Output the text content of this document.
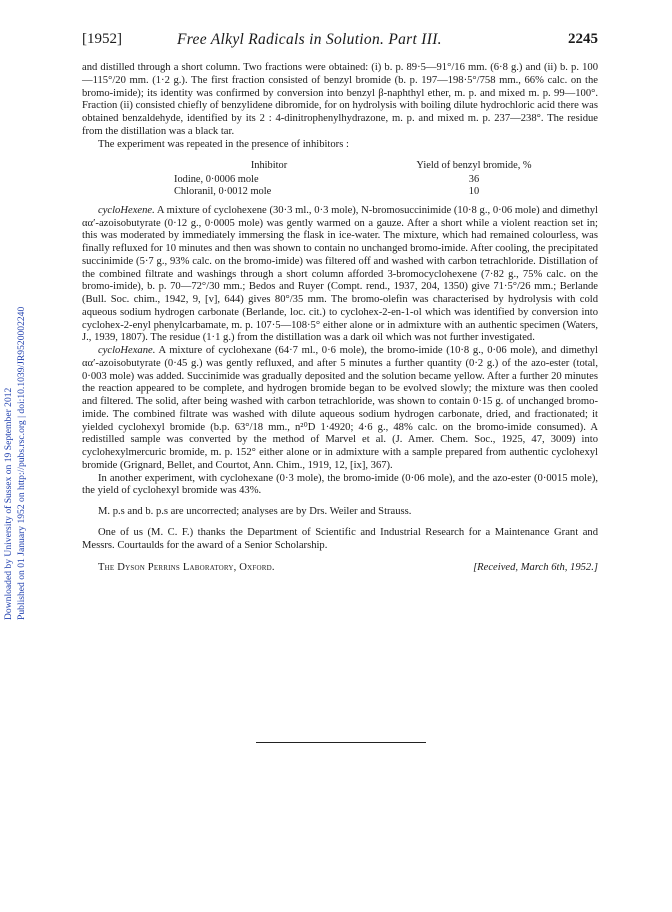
Downloaded by University of Sussex on 19 September 2012 Published on 01 January 1952 on http://pubs.rsc.org | doi:10.1039/JR9520002240
[1952]	Free Alkyl Radicals in Solution. Part III.	2245

and distilled through a short column. Two fractions were obtained: (i) b. p. 89·5—91°/16 mm. (6·8 g.) and (ii) b. p. 100—115°/20 mm. (1·2 g.). The first fraction consisted of benzyl bromide (b. p. 197—198·5°/758 mm., 66% calc. on the bromo-imide); its identity was confirmed by conversion into benzyl β-naphthyl ether, m. p. and mixed m. p. 99—100°. Fraction (ii) consisted chiefly of benzylidene dibromide, for on hydrolysis with boiling dilute hydrochloric acid there was obtained benzaldehyde, identified by its 2 : 4-dinitrophenylhydrazone, m. p. and mixed m. p. 237—238°. The residue from the distillation was a black tar.

The experiment was repeated in the presence of inhibitors :

Inhibitor	Yield of benzyl bromide, %
Iodine, 0·0006 mole	36
Chloranil, 0·0012 mole	10

cycloHexene. A mixture of cyclohexene (30·3 ml., 0·3 mole), N-bromosuccinimide (10·8 g., 0·06 mole) and dimethyl αα′-azoisobutyrate (0·12 g., 0·0005 mole) was gently warmed on a gauze. After a short while a violent reaction set in; this was moderated by immediately immersing the flask in ice-water. The mixture, which had remained colourless, was finally refluxed for 10 minutes and then was shown to contain no unchanged bromo-imide. After cooling, the precipitated succinimide (5·7 g., 93% calc. on the bromo-imide) was filtered off and washed with carbon tetrachloride. Distillation of the combined filtrate and washings through a short column afforded 3-bromocyclohexene (7·82 g., 75% calc. on the bromo-imide), b. p. 70—72°/30 mm.; Bedos and Ruyer (Compt. rend., 1937, 204, 1350) give 71·5°/26 mm.; Berlande (Bull. Soc. chim., 1942, 9, [v], 644) gives 80°/35 mm. The bromo-olefin was characterised by hydrolysis with cold aqueous sodium hydrogen carbonate (Berlande, loc. cit.) to cyclohex-2-en-1-ol which was identified by conversion into cyclohex-2-enyl phenylcarbamate, m. p. 107·5—108·5° either alone or in admixture with an authentic specimen (Waters, J., 1939, 1807). The residue (1·1 g.) from the distillation was a dark oil which was not further investigated.

cycloHexane. A mixture of cyclohexane (64·7 ml., 0·6 mole), the bromo-imide (10·8 g., 0·06 mole), and dimethyl αα′-azoisobutyrate (0·45 g.) was gently refluxed, and after 5 minutes a further quantity (0·2 g.) of the azo-ester (total, 0·003 mole) was added. Succinimide was gradually deposited and the solution became yellow. After a further 20 minutes the reaction appeared to be complete, and hydrogen bromide began to be evolved slowly; the mixture was then cooled and filtered. The solid, after being washed with carbon tetrachloride, was shown to contain 0·15 g. of unchanged bromo-imide. The combined filtrate was washed with dilute aqueous sodium hydrogen carbonate, dried, and fractionated; it yielded cyclohexyl bromide (b.p. 63°/18 mm., n²⁰D 1·4920; 4·6 g., 48% calc. on the bromo-imide consumed). A redistilled sample was converted by the method of Marvel et al. (J. Amer. Chem. Soc., 1925, 47, 3009) into cyclohexylmercuric bromide, m. p. 152° either alone or in admixture with a sample prepared from authentic cyclohexyl bromide (Grignard, Bellet, and Courtot, Ann. Chim., 1919, 12, [ix], 367).

In another experiment, with cyclohexane (0·3 mole), the bromo-imide (0·06 mole), and the azo-ester (0·0015 mole), the yield of cyclohexyl bromide was 43%.

M. p.s and b. p.s are uncorrected; analyses are by Drs. Weiler and Strauss.

One of us (M. C. F.) thanks the Department of Scientific and Industrial Research for a Maintenance Grant and Messrs. Courtaulds for the award of a Senior Scholarship.

The Dyson Perrins Laboratory, Oxford.	[Received, March 6th, 1952.]
